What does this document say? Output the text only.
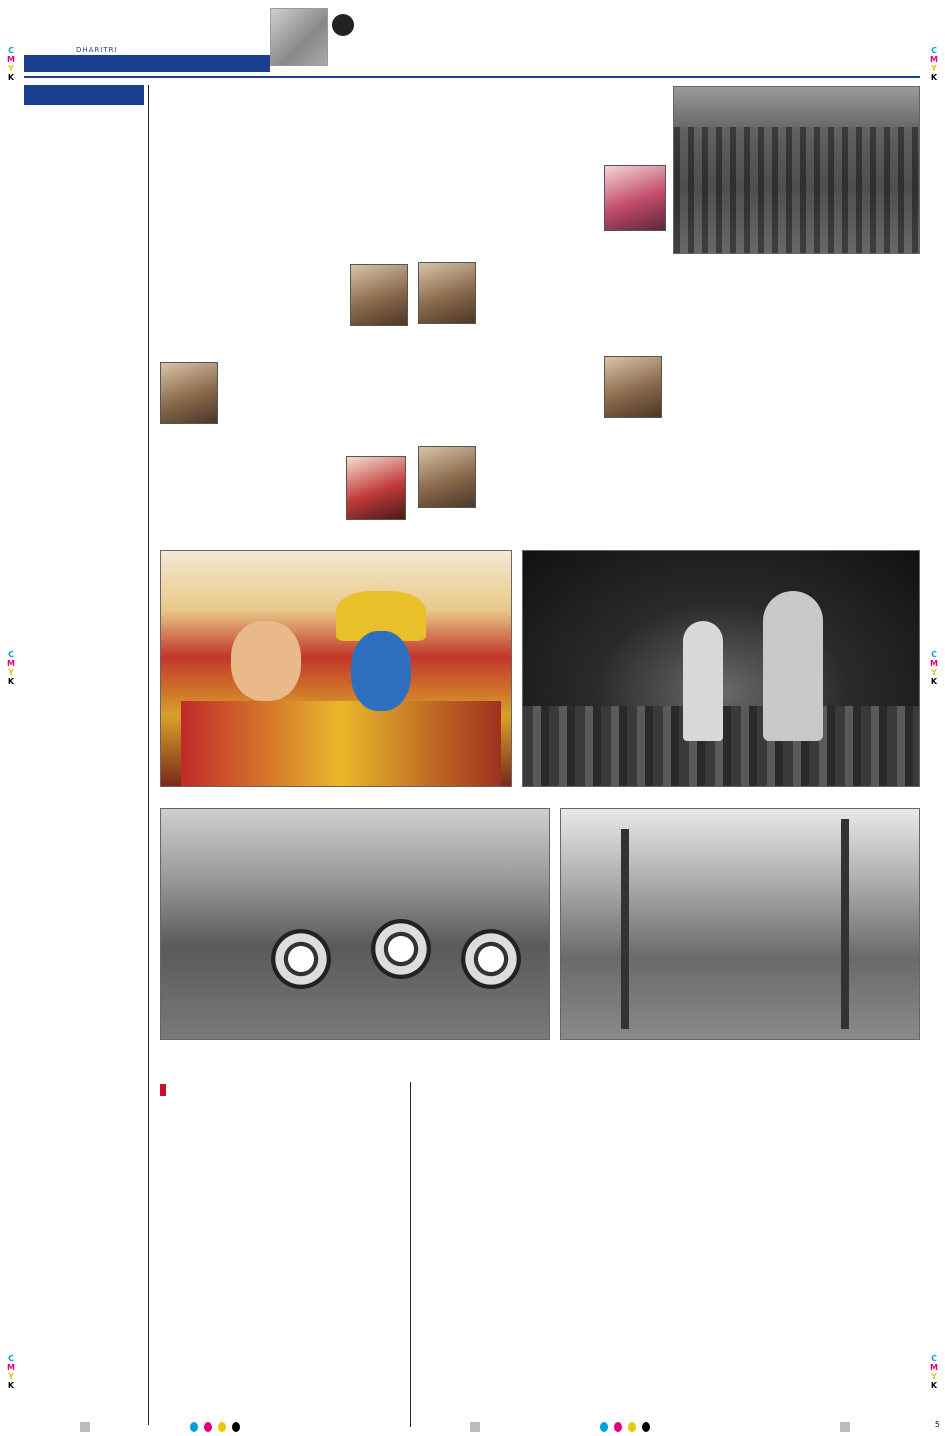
C
M
Y
K
C
M
Y
K
C
M
Y
K
C
M
Y
K
C
M
Y
K
C
M
Y
K
DHARITRI
5
